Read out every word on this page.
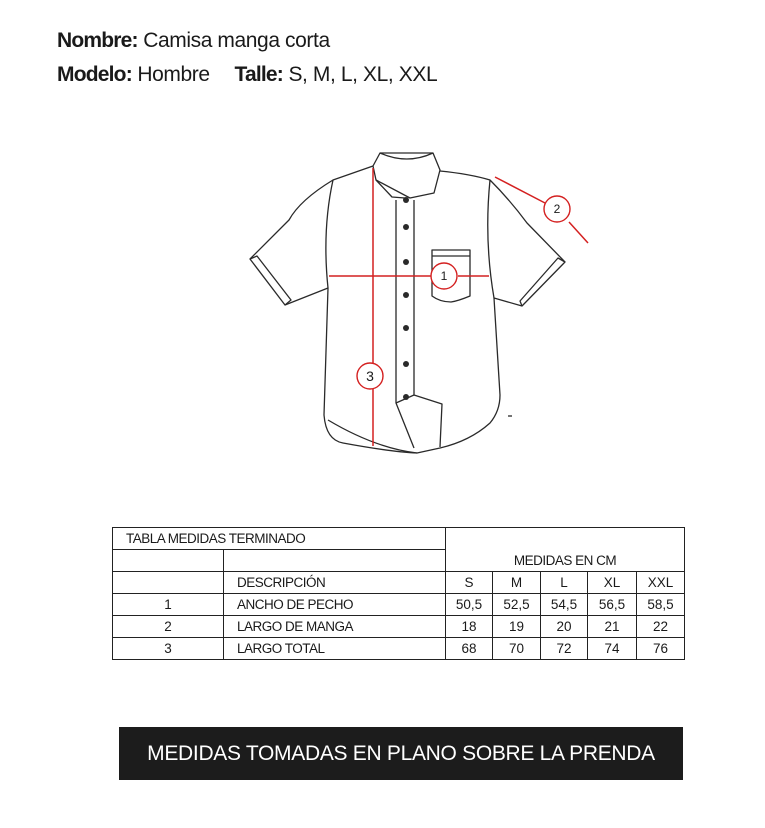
Nombre: Camisa manga corta
Modelo: Hombre Talle: S, M, L, XL, XXL
1
2
3
TABLA MEDIDAS TERMINADO						
		MEDIDAS EN CM				
	DESCRIPCIÓN	S	M	L	XL	XXL
1	ANCHO DE PECHO	50,5	52,5	54,5	56,5	58,5
2	LARGO DE MANGA	18	19	20	21	22
3	LARGO TOTAL	68	70	72	74	76
MEDIDAS TOMADAS EN PLANO SOBRE LA PRENDA
